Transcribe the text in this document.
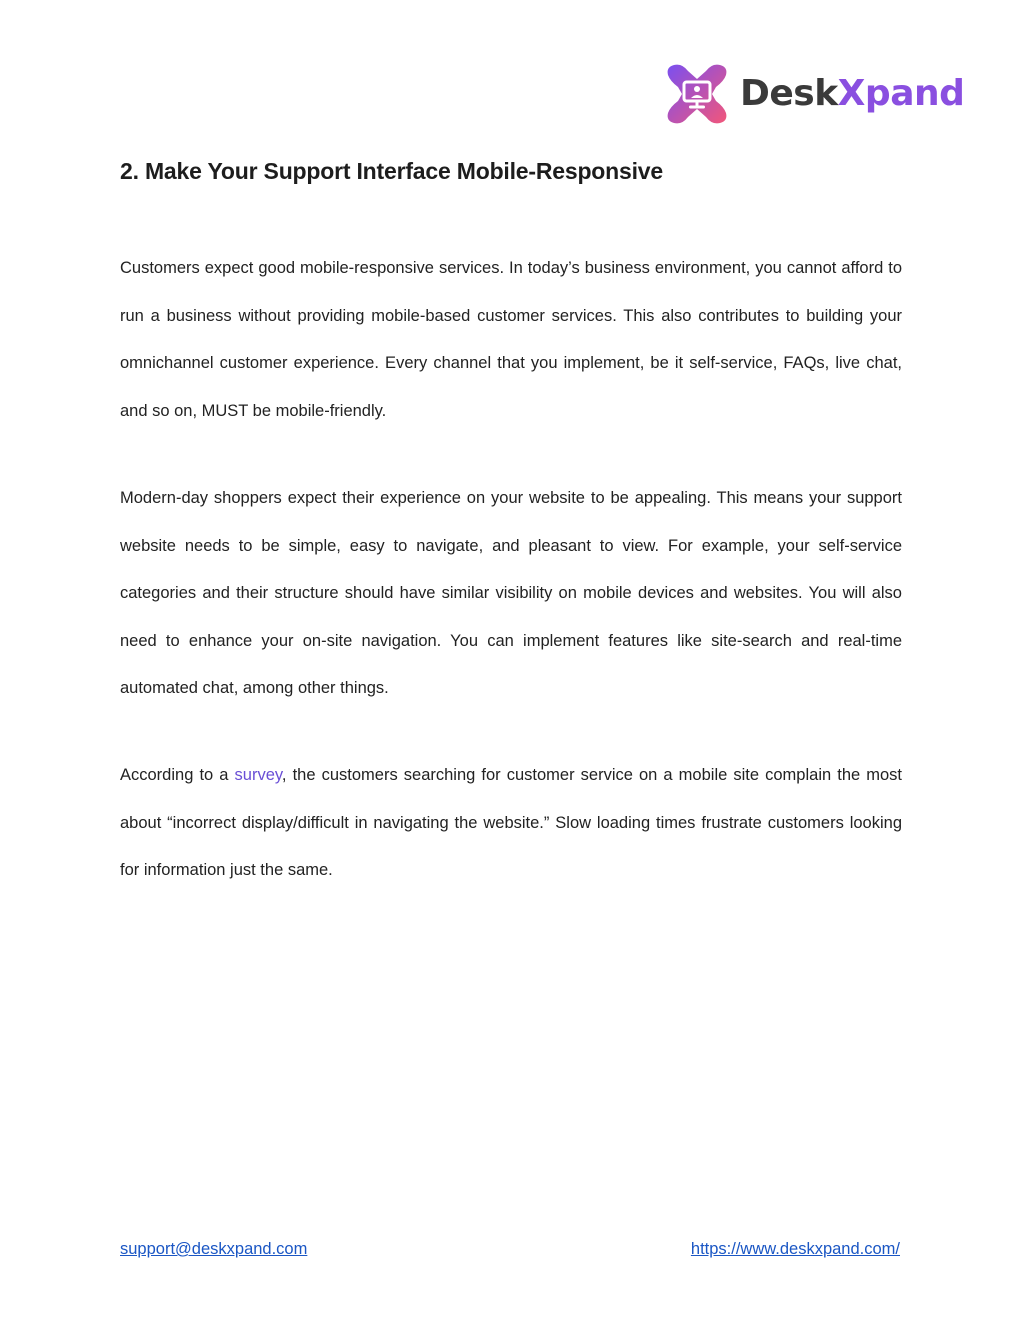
DeskXpand
2. Make Your Support Interface Mobile-Responsive

Customers expect good mobile-responsive services. In today’s business environment, you cannot afford to run a business without providing mobile-based customer services. This also contributes to building your omnichannel customer experience. Every channel that you implement, be it self-service, FAQs, live chat, and so on, MUST be mobile-friendly.

Modern-day shoppers expect their experience on your website to be appealing. This means your support website needs to be simple, easy to navigate, and pleasant to view. For example, your self-service categories and their structure should have similar visibility on mobile devices and websites. You will also need to enhance your on-site navigation. You can implement features like site-search and real-time automated chat, among other things.

According to a survey, the customers searching for customer service on a mobile site complain the most about “incorrect display/difficult in navigating the website.” Slow loading times frustrate customers looking for information just the same.

support@deskxpand.com	https://www.deskxpand.com/
